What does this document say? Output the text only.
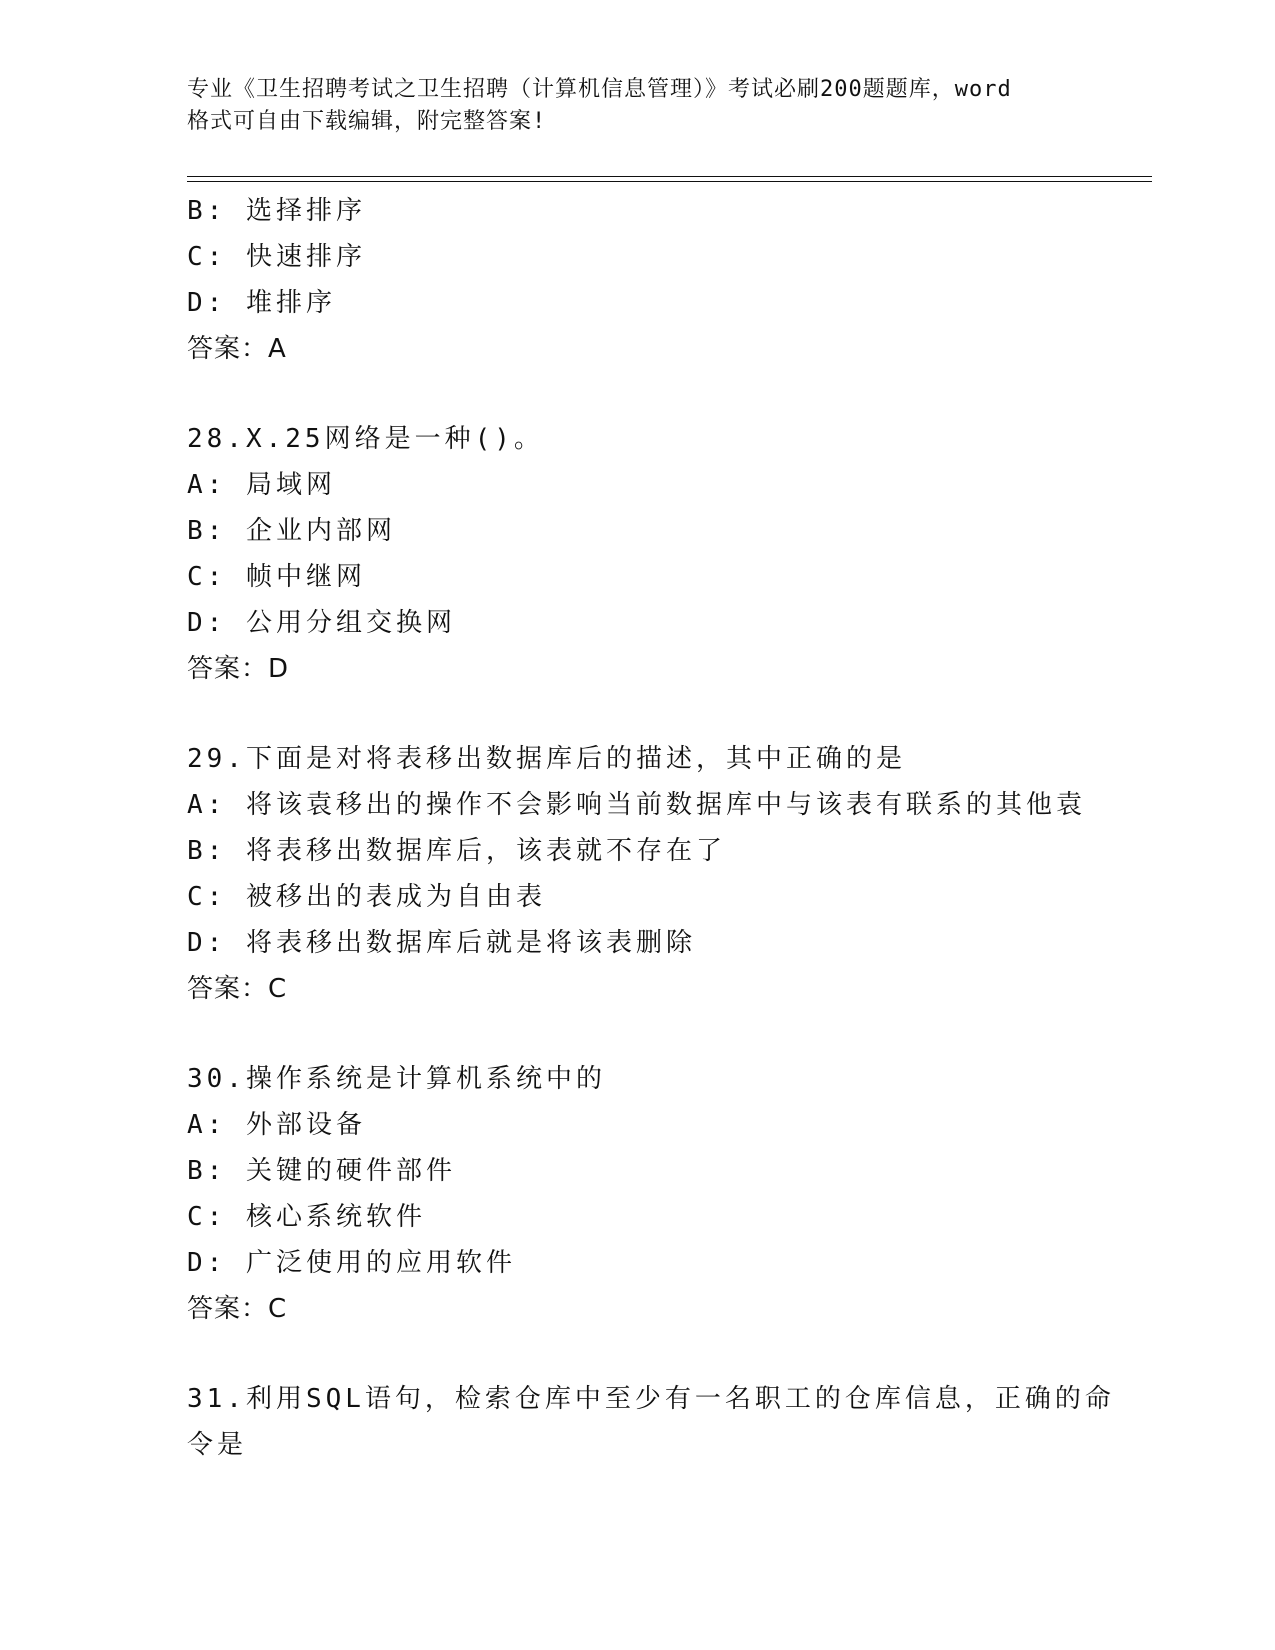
专业《卫生招聘考试之卫生招聘（计算机信息管理）》考试必刷200题题库，word
格式可自由下载编辑，附完整答案!
B: 选择排序
C: 快速排序
D: 堆排序
答案：A
28.X.25网络是一种()。
A: 局域网
B: 企业内部网
C: 帧中继网
D: 公用分组交换网
答案：D
29.下面是对将表移出数据库后的描述，其中正确的是
A: 将该袁移出的操作不会影响当前数据库中与该表有联系的其他袁
B: 将表移出数据库后，该表就不存在了
C: 被移出的表成为自由表
D: 将表移出数据库后就是将该表删除
答案：C
30.操作系统是计算机系统中的
A: 外部设备
B: 关键的硬件部件
C: 核心系统软件
D: 广泛使用的应用软件
答案：C
31.利用SQL语句，检索仓库中至少有一名职工的仓库信息，正确的命
令是
